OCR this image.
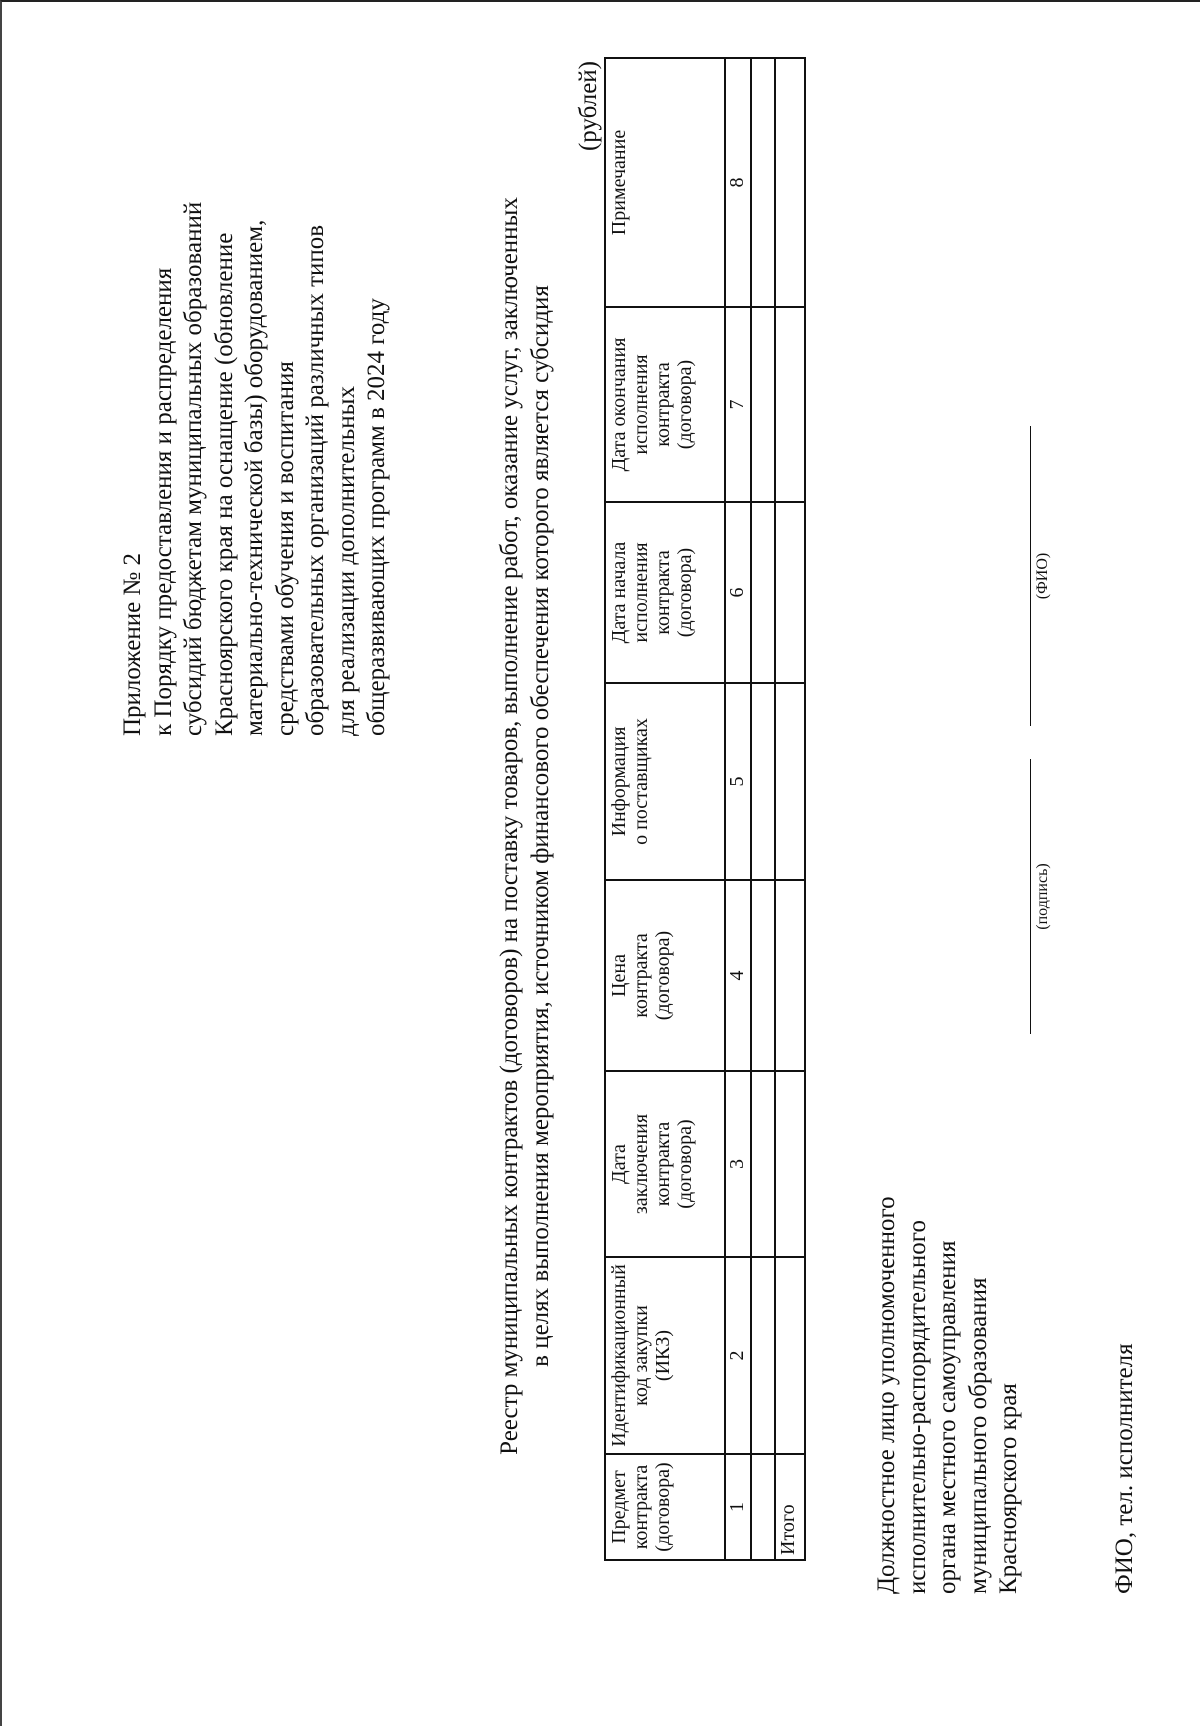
Приложение № 2 к Порядку предоставления и распределения субсидий бюджетам муниципальных образований Красноярского края на оснащение (обновление материально-технической базы) оборудованием, средствами обучения и воспитания образовательных организаций различных типов для реализации дополнительных общеразвивающих программ в 2024 году	Реестр муниципальных контрактов (договоров) на поставку товаров, выполнение работ, оказание услуг, заключенных в целях выполнения мероприятия, источником финансового обеспечения которого является субсидия
(рублей)
Предмет контракта (договора)	Идентификационный код закупки (ИКЗ)	Дата заключения контракта (договора)	Цена контракта (договора)	Информация о поставщиках	Дата начала исполнения контракта (договора)	Дата окончания исполнения контракта (договора)	Примечание

1	2	3	4	5	6	7	8

Итого								Должностное лицо уполномоченного исполнительно-распорядительного органа местного самоуправления муниципального образования Красноярского края
(подпись)
(ФИО)
ФИО, тел. исполнителя
